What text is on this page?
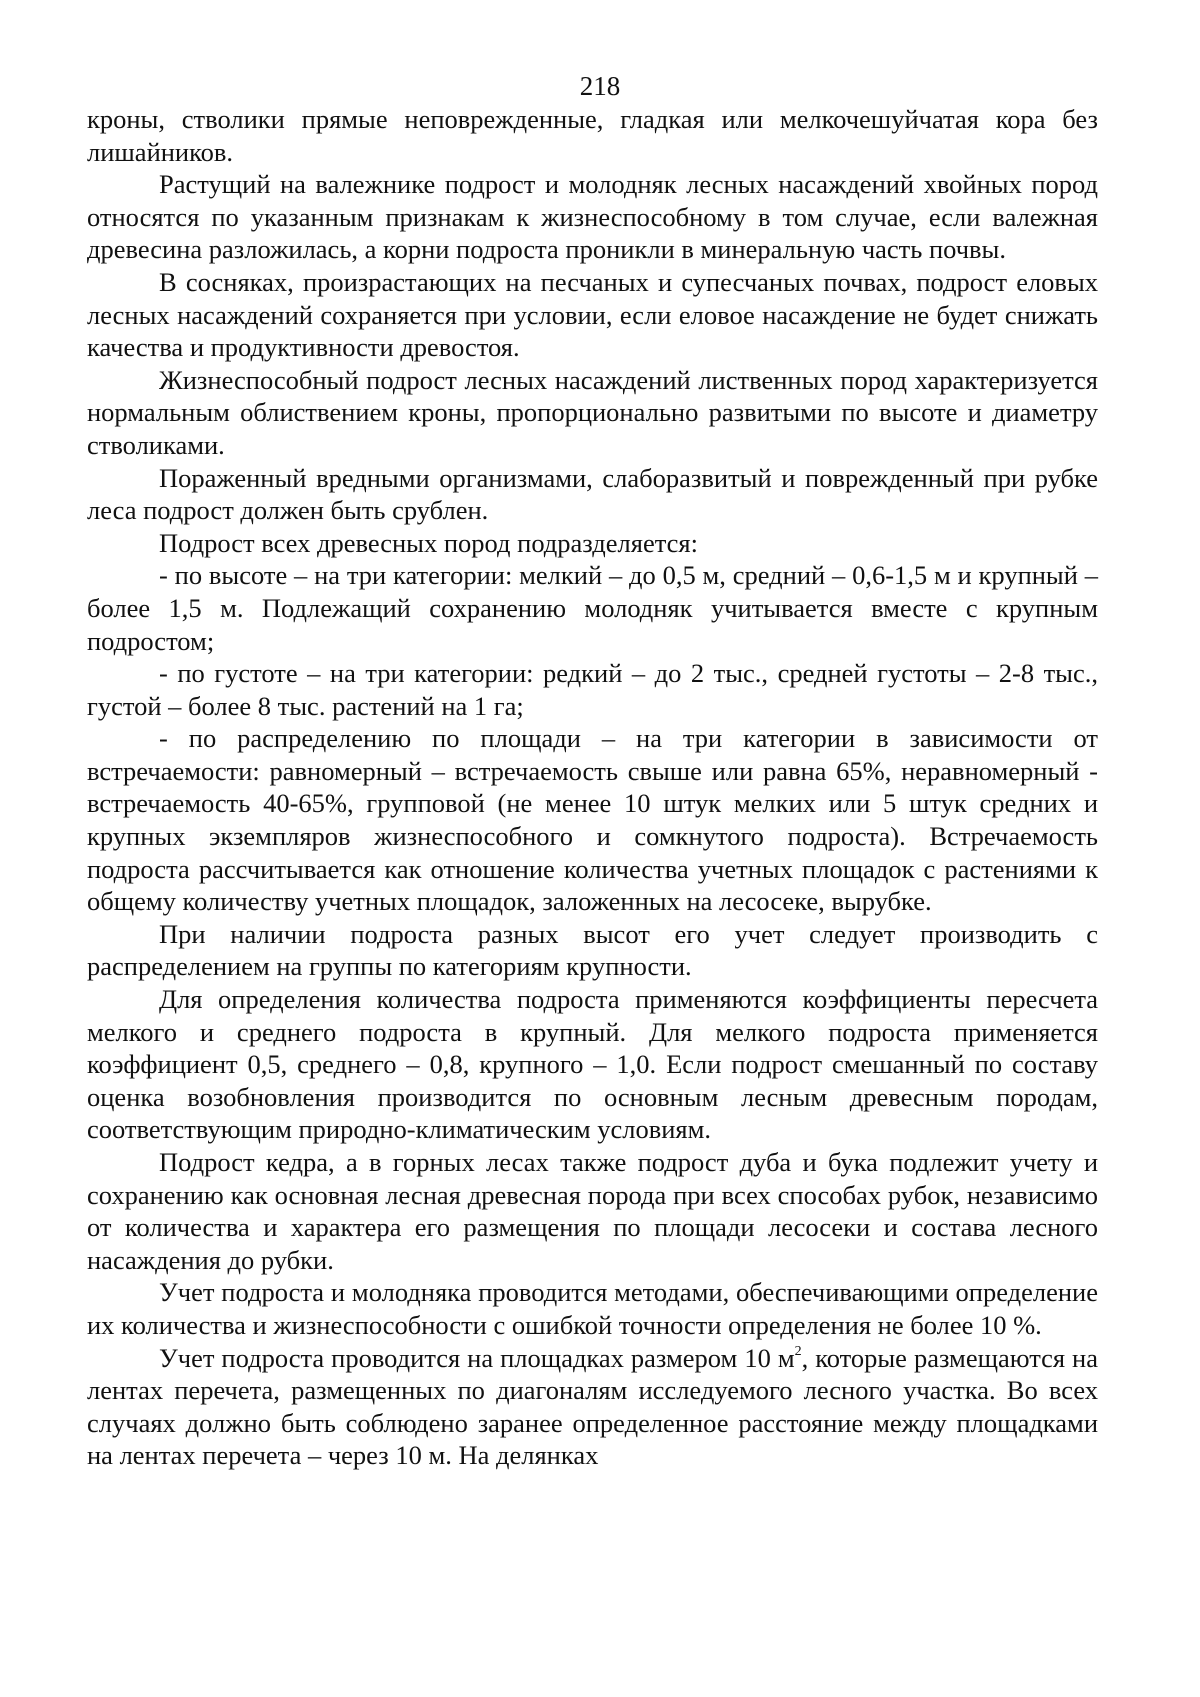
218

кроны, стволики прямые неповрежденные, гладкая или мелкочешуйчатая кора без лишайников.

Растущий на валежнике подрост и молодняк лесных насаждений хвойных пород относятся по указанным признакам к жизнеспособному в том случае, если валежная древесина разложилась, а корни подроста проникли в минеральную часть почвы.

В сосняках, произрастающих на песчаных и супесчаных почвах, подрост еловых лесных насаждений сохраняется при условии, если еловое насаждение не будет снижать качества и продуктивности древостоя.

Жизнеспособный подрост лесных насаждений лиственных пород характеризуется нормальным облиствением кроны, пропорционально развитыми по высоте и диаметру стволиками.

Пораженный вредными организмами, слаборазвитый и поврежденный при рубке леса подрост должен быть срублен.

Подрост всех древесных пород подразделяется:

- по высоте – на три категории: мелкий – до 0,5 м, средний – 0,6-1,5 м и крупный – более 1,5 м. Подлежащий сохранению молодняк учитывается вместе с крупным подростом;

- по густоте – на три категории: редкий – до 2 тыс., средней густоты – 2-8 тыс., густой – более 8 тыс. растений на 1 га;

- по распределению по площади – на три категории в зависимости от встречаемости: равномерный – встречаемость свыше или равна 65%, неравномерный - встречаемость 40-65%, групповой (не менее 10 штук мелких или 5 штук средних и крупных экземпляров жизнеспособного и сомкнутого подроста). Встречаемость подроста рассчитывается как отношение количества учетных площадок с растениями к общему количеству учетных площадок, заложенных на лесосеке, вырубке.

При наличии подроста разных высот его учет следует производить с распределением на группы по категориям крупности.

Для определения количества подроста применяются коэффициенты пересчета мелкого и среднего подроста в крупный. Для мелкого подроста применяется коэффициент 0,5, среднего – 0,8, крупного – 1,0. Если подрост смешанный по составу оценка возобновления производится по основным лесным древесным породам, соответствующим природно-климатическим условиям.

Подрост кедра, а в горных лесах также подрост дуба и бука подлежит учету и сохранению как основная лесная древесная порода при всех способах рубок, независимо от количества и характера его размещения по площади лесосеки и состава лесного насаждения до рубки.

Учет подроста и молодняка проводится методами, обеспечивающими определение их количества и жизнеспособности с ошибкой точности определения не более 10 %.

Учет подроста проводится на площадках размером 10 $м^2$, которые размещаются на лентах перечета, размещенных по диагоналям исследуемого лесного участка. Во всех случаях должно быть соблюдено заранее определенное расстояние между площадками на лентах перечета – через 10 м. На делянках
